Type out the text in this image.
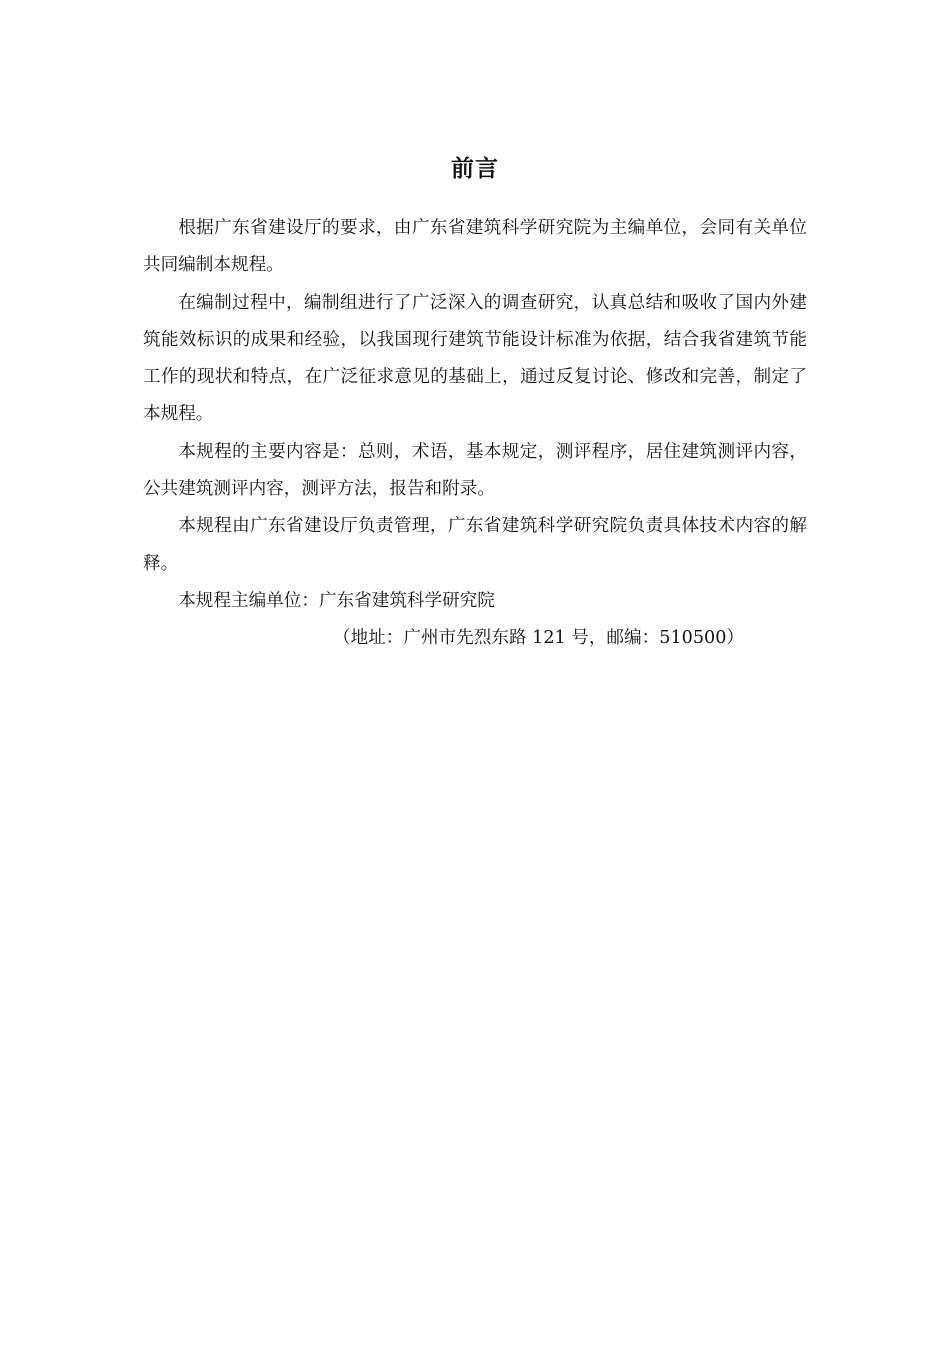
前言

根据广东省建设厅的要求，由广东省建筑科学研究院为主编单位，会同有关单位共同编制本规程。

在编制过程中，编制组进行了广泛深入的调查研究，认真总结和吸收了国内外建筑能效标识的成果和经验，以我国现行建筑节能设计标准为依据，结合我省建筑节能工作的现状和特点，在广泛征求意见的基础上，通过反复讨论、修改和完善，制定了本规程。

本规程的主要内容是：总则，术语，基本规定，测评程序，居住建筑测评内容，公共建筑测评内容，测评方法，报告和附录。

本规程由广东省建设厅负责管理，广东省建筑科学研究院负责具体技术内容的解释。

本规程主编单位：广东省建筑科学研究院

（地址：广州市先烈东路 121 号，邮编：510500）
